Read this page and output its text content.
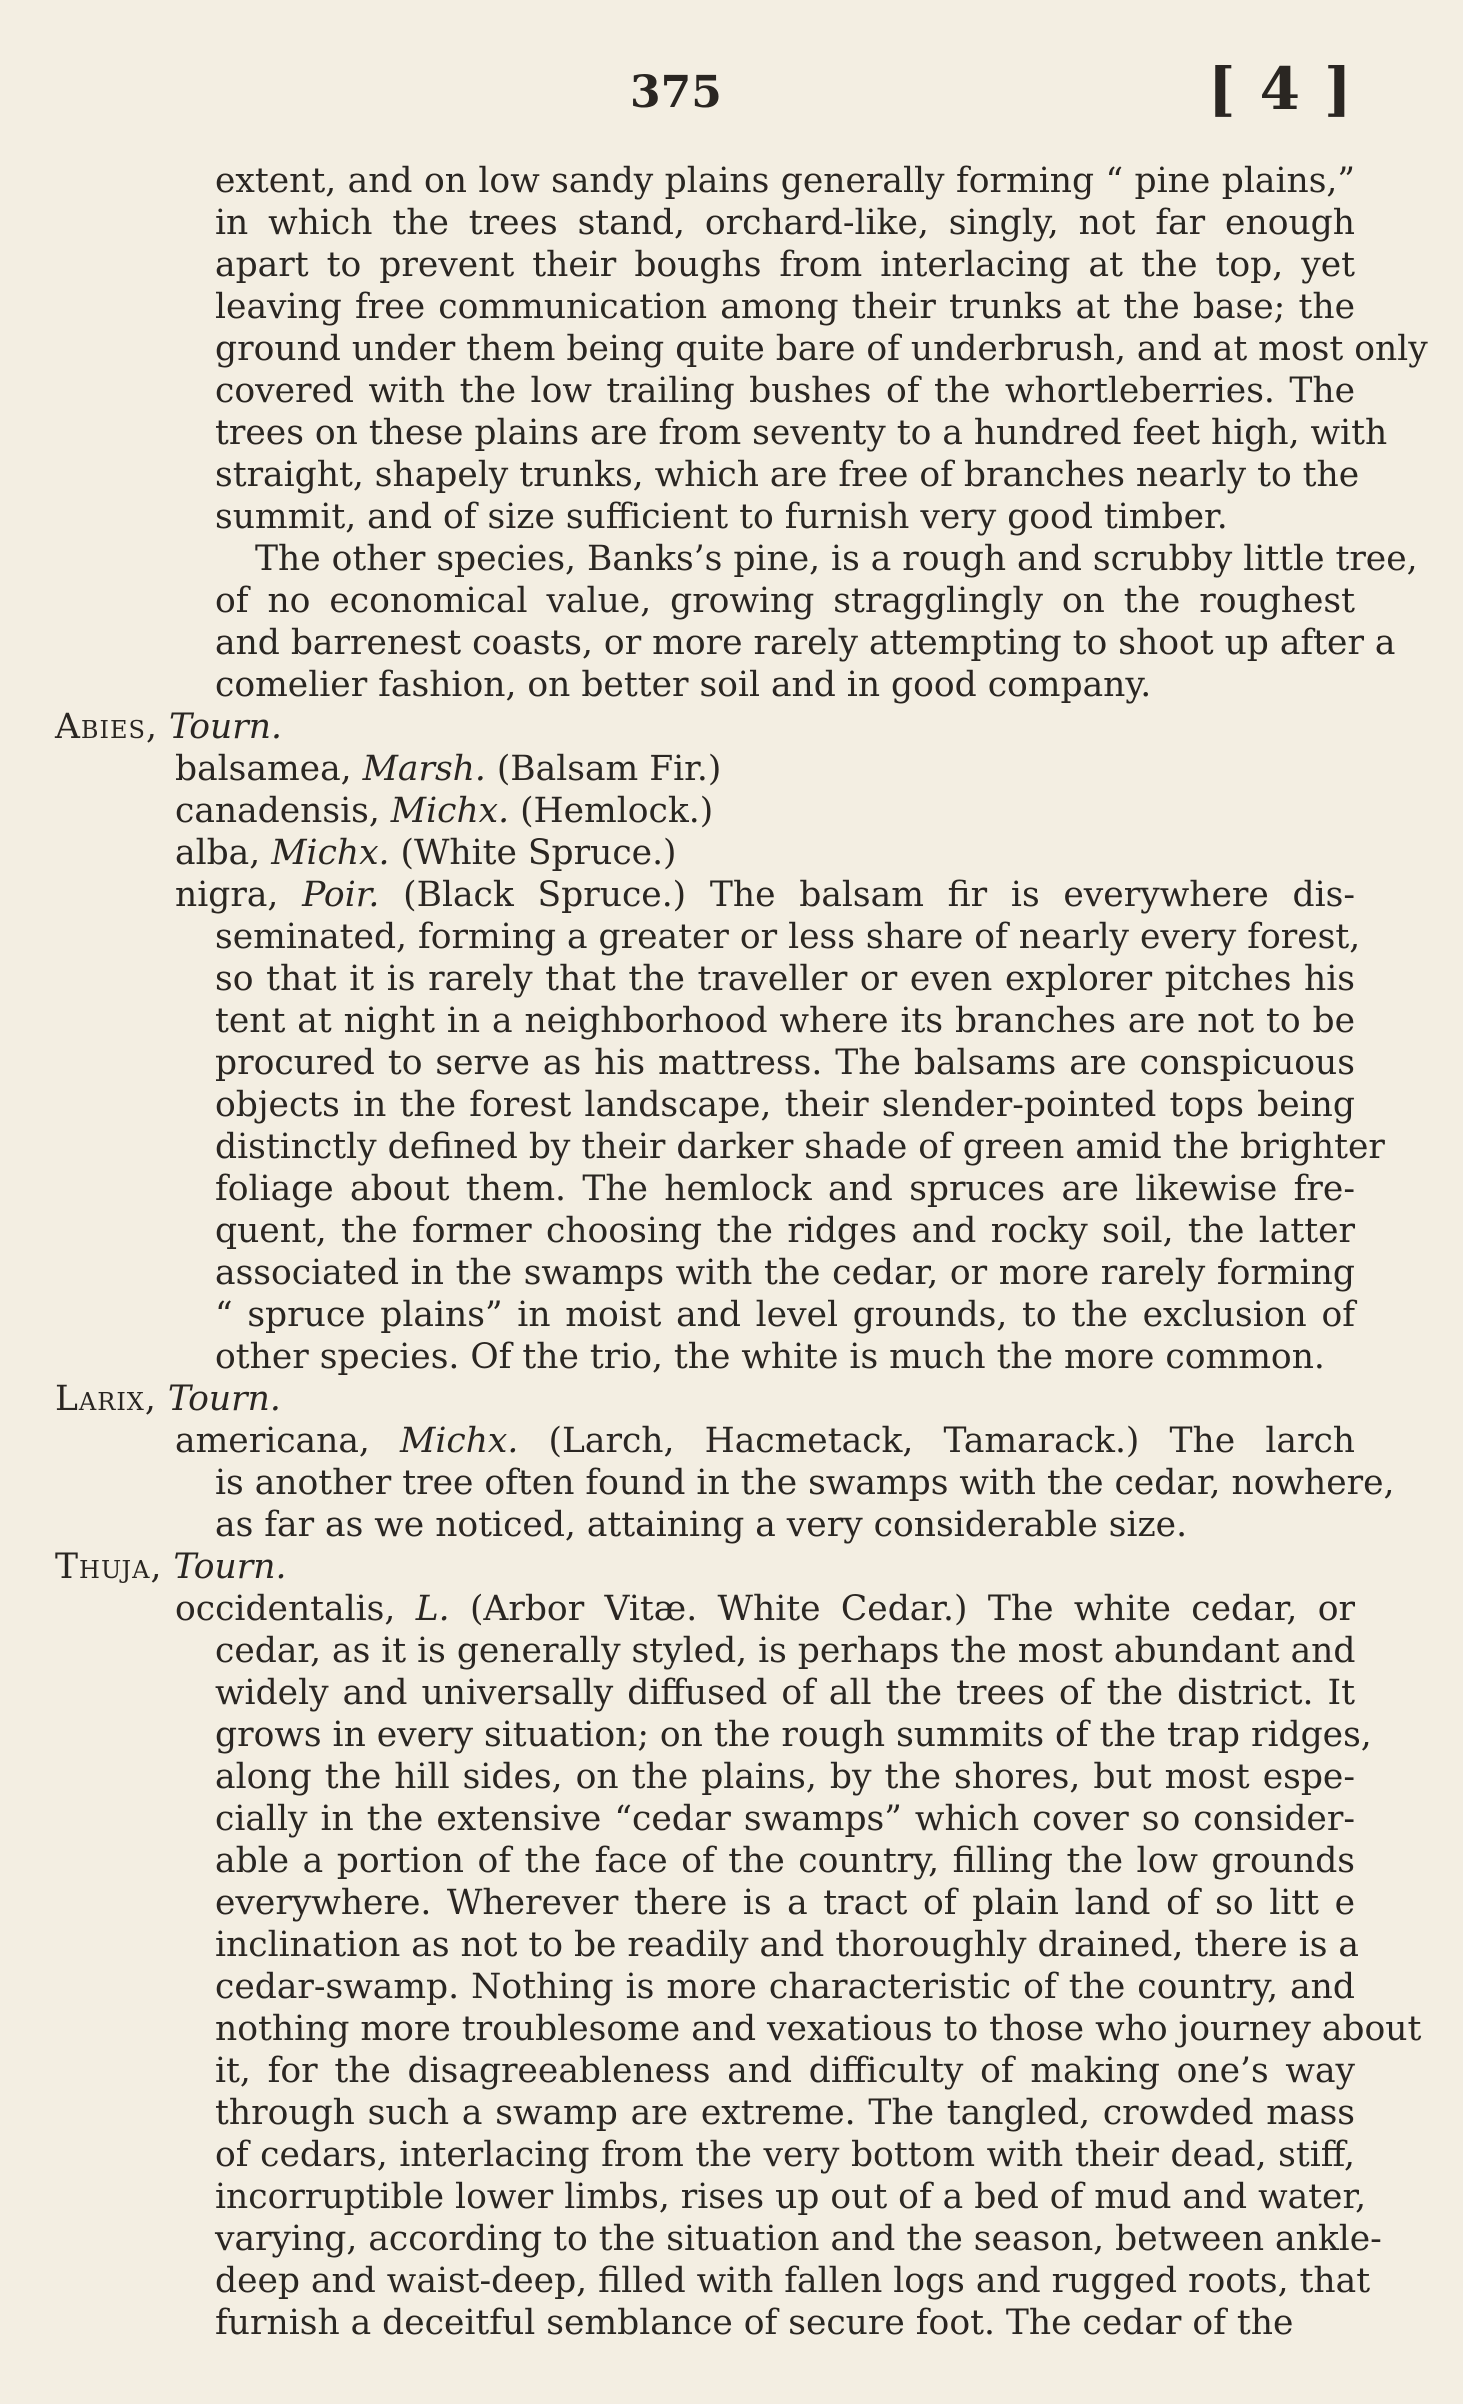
375	[ 4 ]
extent, and on low sandy plains generally forming “ pine plains,”
in which the trees stand, orchard-like, singly, not far enough
apart to prevent their boughs from interlacing at the top, yet
leaving free communication among their trunks at the base; the
ground under them being quite bare of underbrush, and at most only
covered with the low trailing bushes of the whortleberries. The
trees on these plains are from seventy to a hundred feet high, with
straight, shapely trunks, which are free of branches nearly to the
summit, and of size sufficient to furnish very good timber.
The other species, Banks’s pine, is a rough and scrubby little tree,
of no economical value, growing stragglingly on the roughest
and barrenest coasts, or more rarely attempting to shoot up after a
comelier fashion, on better soil and in good company.
Abies, Tourn.
balsamea, Marsh. (Balsam Fir.)
canadensis, Michx. (Hemlock.)
alba, Michx. (White Spruce.)
nigra, Poir. (Black Spruce.) The balsam fir is everywhere dis-
seminated, forming a greater or less share of nearly every forest,
so that it is rarely that the traveller or even explorer pitches his
tent at night in a neighborhood where its branches are not to be
procured to serve as his mattress. The balsams are conspicuous
objects in the forest landscape, their slender-pointed tops being
distinctly defined by their darker shade of green amid the brighter
foliage about them. The hemlock and spruces are likewise fre-
quent, the former choosing the ridges and rocky soil, the latter
associated in the swamps with the cedar, or more rarely forming
“ spruce plains” in moist and level grounds, to the exclusion of
other species. Of the trio, the white is much the more common.
Larix, Tourn.
americana, Michx. (Larch, Hacmetack, Tamarack.) The larch
is another tree often found in the swamps with the cedar, nowhere,
as far as we noticed, attaining a very considerable size.
Thuja, Tourn.
occidentalis, L. (Arbor Vitæ. White Cedar.) The white cedar, or
cedar, as it is generally styled, is perhaps the most abundant and
widely and universally diffused of all the trees of the district. It
grows in every situation; on the rough summits of the trap ridges,
along the hill sides, on the plains, by the shores, but most espe-
cially in the extensive “cedar swamps” which cover so consider-
able a portion of the face of the country, filling the low grounds
everywhere. Wherever there is a tract of plain land of so litt e
inclination as not to be readily and thoroughly drained, there is a
cedar-swamp. Nothing is more characteristic of the country, and
nothing more troublesome and vexatious to those who journey about
it, for the disagreeableness and difficulty of making one’s way
through such a swamp are extreme. The tangled, crowded mass
of cedars, interlacing from the very bottom with their dead, stiff,
incorruptible lower limbs, rises up out of a bed of mud and water,
varying, according to the situation and the season, between ankle-
deep and waist-deep, filled with fallen logs and rugged roots, that
furnish a deceitful semblance of secure foot. The cedar of the
